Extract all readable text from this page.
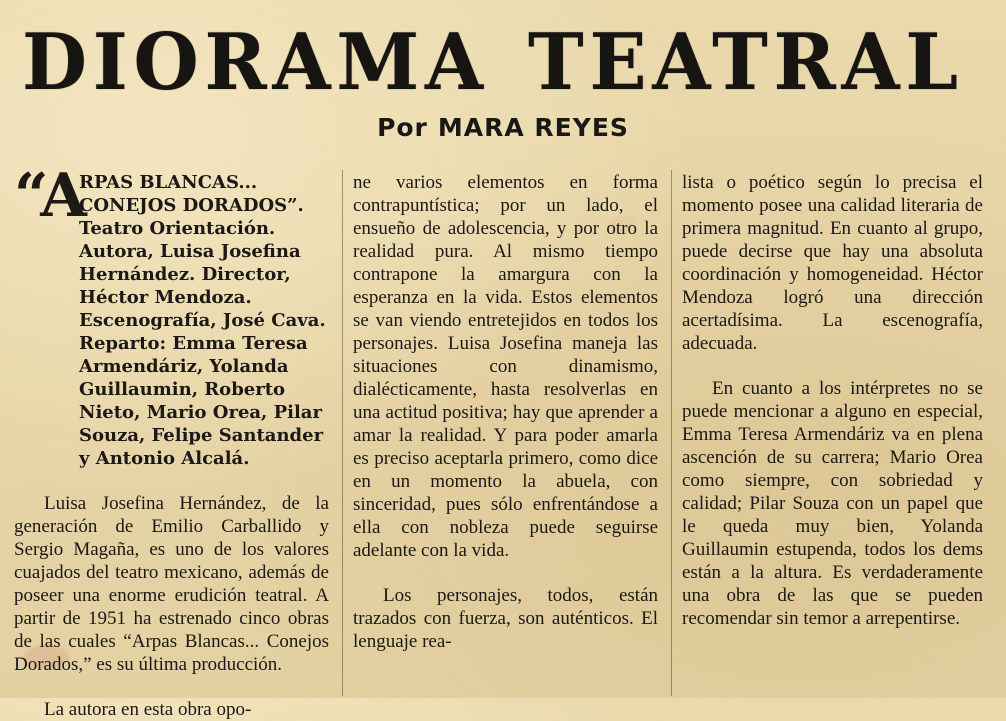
DIORAMA TEATRAL
Por MARA REYES
“A
RPAS BLANCAS... CONEJOS DORADOS”. Teatro Orientación. Autora, Luisa Josefina Hernández. Director, Héctor Mendoza. Escenografía, José Cava. Reparto: Emma Teresa Armendáriz, Yolanda Guillaumin, Roberto Nieto, Mario Orea, Pilar Souza, Felipe Santander y Antonio Alcalá.

Luisa Josefina Hernández, de la generación de Emilio Carballido y Sergio Magaña, es uno de los valores cuajados del teatro mexicano, además de poseer una enorme erudición teatral. A partir de 1951 ha estrenado cinco obras de las cuales “Arpas Blancas... Conejos Dorados,” es su última producción.

La autora en esta obra opo-

ne varios elementos en forma contrapuntística; por un lado, el ensueño de adolescencia, y por otro la realidad pura. Al mismo tiempo contrapone la amargura con la esperanza en la vida. Estos elementos se van viendo entretejidos en todos los personajes. Luisa Josefina maneja las situaciones con dinamismo, dialécticamente, hasta resolverlas en una actitud positiva; hay que aprender a amar la realidad. Y para poder amarla es preciso aceptarla primero, como dice en un momento la abuela, con sinceridad, pues sólo enfrentándose a ella con nobleza puede seguirse adelante con la vida.

Los personajes, todos, están trazados con fuerza, son auténticos. El lenguaje rea-

lista o poético según lo precisa el momento posee una calidad literaria de primera magnitud. En cuanto al grupo, puede decirse que hay una absoluta coordinación y homogeneidad. Héctor Mendoza logró una dirección acertadísima. La escenografía, adecuada.

En cuanto a los intérpretes no se puede mencionar a alguno en especial, Emma Teresa Armendáriz va en plena ascención de su carrera; Mario Orea como siempre, con sobriedad y calidad; Pilar Souza con un papel que le queda muy bien, Yolanda Guillaumin estupenda, todos los dems están a la altura. Es verdaderamente una obra de las que se pueden recomendar sin temor a arrepentirse.
